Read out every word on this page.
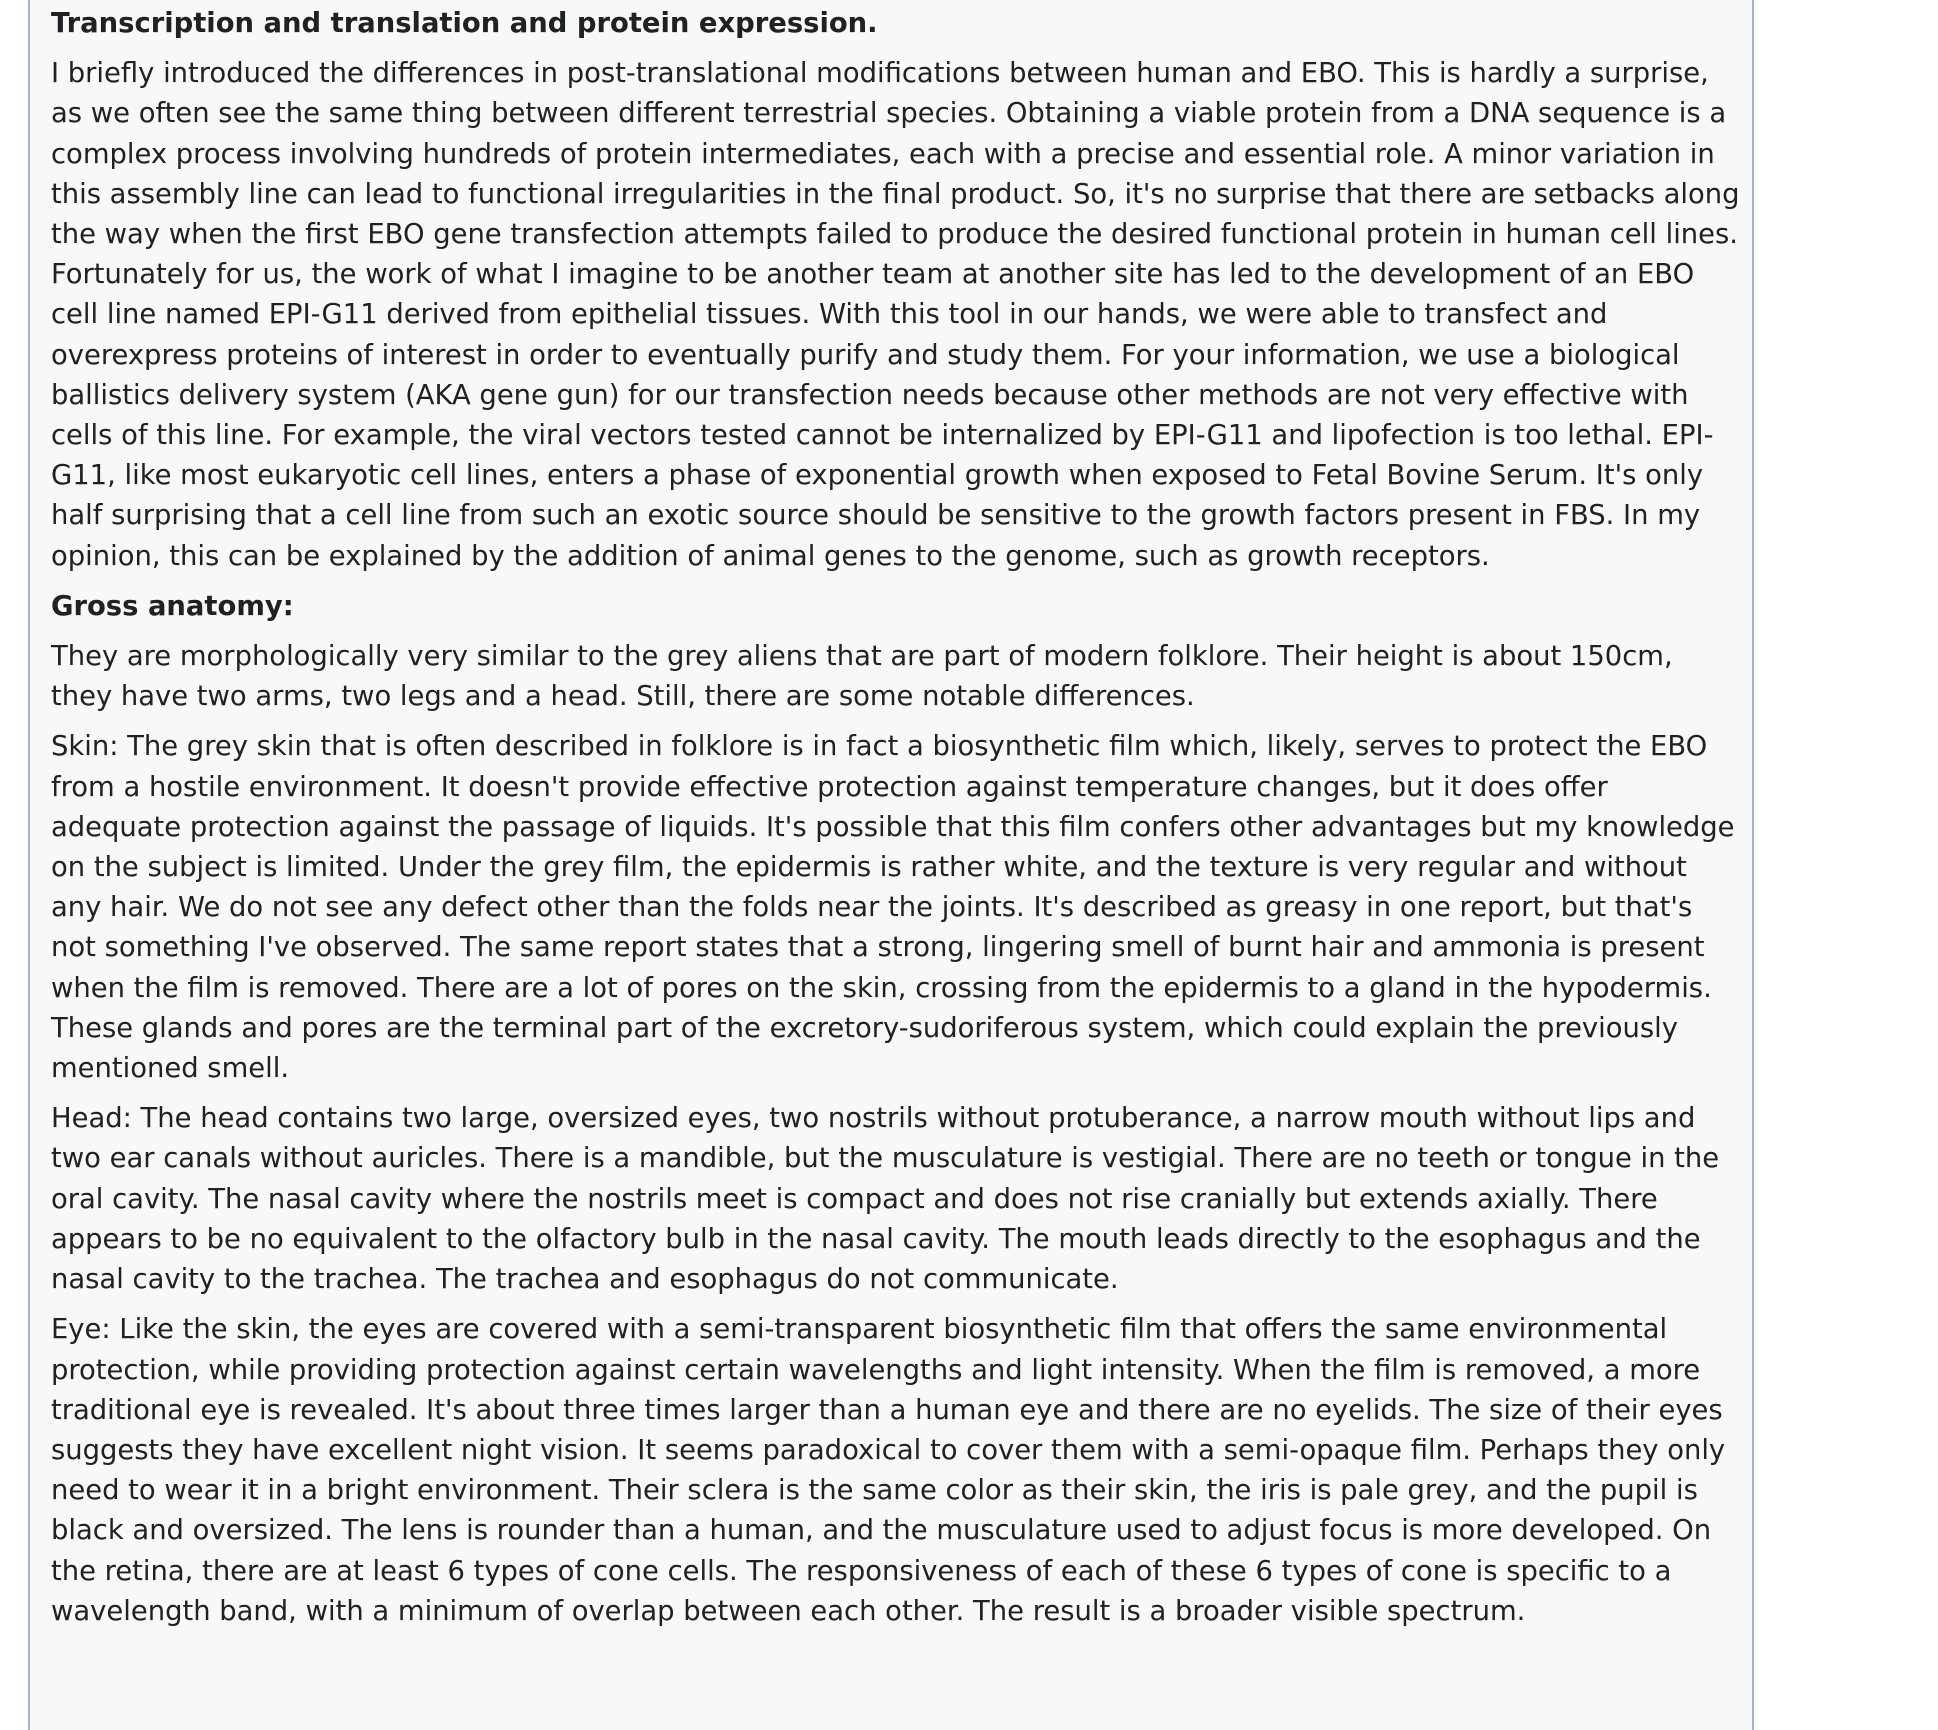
Transcription and translation and protein expression.
I briefly introduced the differences in post-translational modifications between human and EBO. This is hardly a surprise, as we often see the same thing between different terrestrial species. Obtaining a viable protein from a DNA sequence is a complex process involving hundreds of protein intermediates, each with a precise and essential role. A minor variation in this assembly line can lead to functional irregularities in the final product. So, it's no surprise that there are setbacks along the way when the first EBO gene transfection attempts failed to produce the desired functional protein in human cell lines. Fortunately for us, the work of what I imagine to be another team at another site has led to the development of an EBO cell line named EPI-G11 derived from epithelial tissues. With this tool in our hands, we were able to transfect and overexpress proteins of interest in order to eventually purify and study them. For your information, we use a biological ballistics delivery system (AKA gene gun) for our transfection needs because other methods are not very effective with cells of this line. For example, the viral vectors tested cannot be internalized by EPI-G11 and lipofection is too lethal. EPI-G11, like most eukaryotic cell lines, enters a phase of exponential growth when exposed to Fetal Bovine Serum. It's only half surprising that a cell line from such an exotic source should be sensitive to the growth factors present in FBS. In my opinion, this can be explained by the addition of animal genes to the genome, such as growth receptors.
Gross anatomy:
They are morphologically very similar to the grey aliens that are part of modern folklore. Their height is about 150cm, they have two arms, two legs and a head. Still, there are some notable differences.
Skin: The grey skin that is often described in folklore is in fact a biosynthetic film which, likely, serves to protect the EBO from a hostile environment. It doesn't provide effective protection against temperature changes, but it does offer adequate protection against the passage of liquids. It's possible that this film confers other advantages but my knowledge on the subject is limited. Under the grey film, the epidermis is rather white, and the texture is very regular and without any hair. We do not see any defect other than the folds near the joints. It's described as greasy in one report, but that's not something I've observed. The same report states that a strong, lingering smell of burnt hair and ammonia is present when the film is removed. There are a lot of pores on the skin, crossing from the epidermis to a gland in the hypodermis. These glands and pores are the terminal part of the excretory-sudoriferous system, which could explain the previously mentioned smell.
Head: The head contains two large, oversized eyes, two nostrils without protuberance, a narrow mouth without lips and two ear canals without auricles. There is a mandible, but the musculature is vestigial. There are no teeth or tongue in the oral cavity. The nasal cavity where the nostrils meet is compact and does not rise cranially but extends axially. There appears to be no equivalent to the olfactory bulb in the nasal cavity. The mouth leads directly to the esophagus and the nasal cavity to the trachea. The trachea and esophagus do not communicate.
Eye: Like the skin, the eyes are covered with a semi-transparent biosynthetic film that offers the same environmental protection, while providing protection against certain wavelengths and light intensity. When the film is removed, a more traditional eye is revealed. It's about three times larger than a human eye and there are no eyelids. The size of their eyes suggests they have excellent night vision. It seems paradoxical to cover them with a semi-opaque film. Perhaps they only need to wear it in a bright environment. Their sclera is the same color as their skin, the iris is pale grey, and the pupil is black and oversized. The lens is rounder than a human, and the musculature used to adjust focus is more developed. On the retina, there are at least 6 types of cone cells. The responsiveness of each of these 6 types of cone is specific to a wavelength band, with a minimum of overlap between each other. The result is a broader visible spectrum.
